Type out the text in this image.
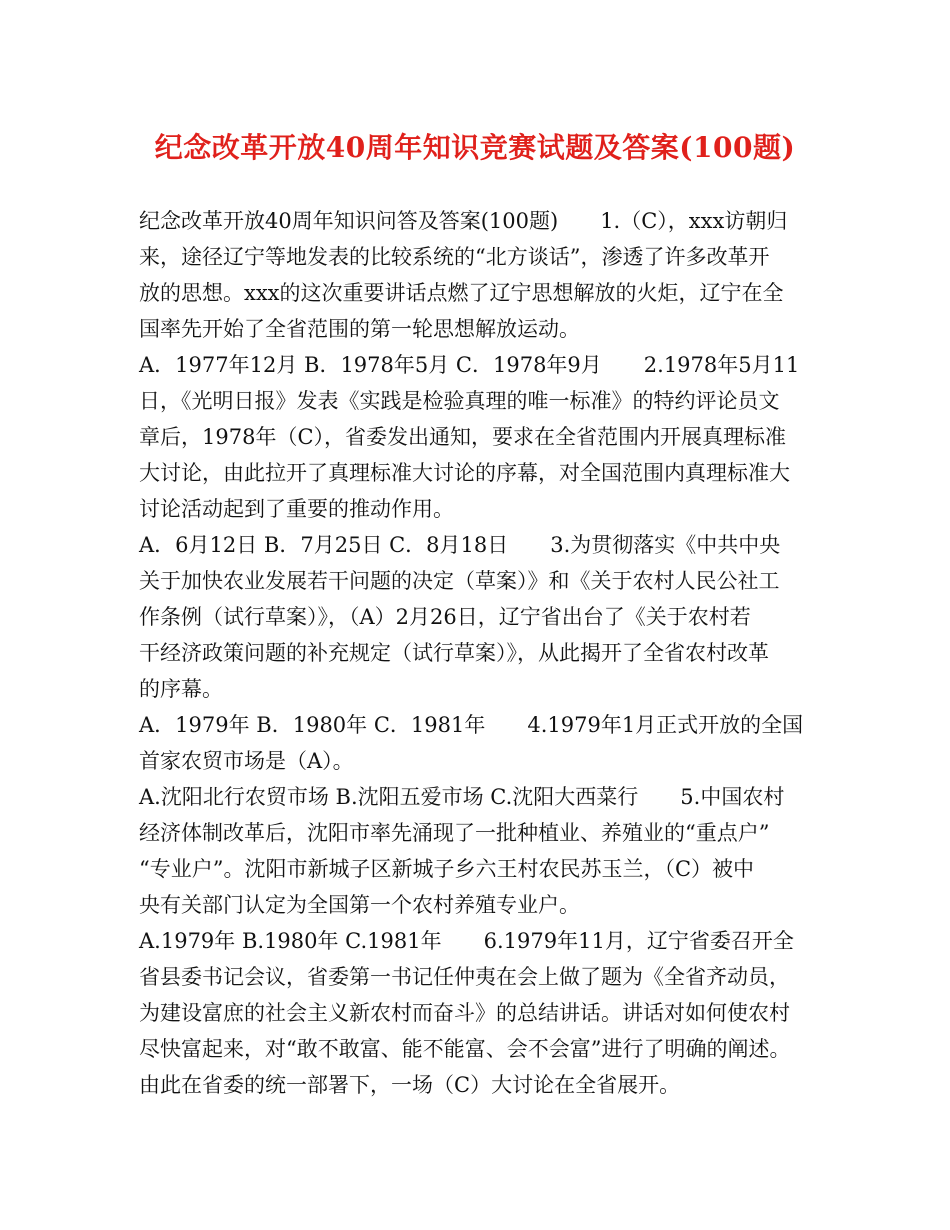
纪念改革开放40周年知识竞赛试题及答案(100题)
纪念改革开放40周年知识问答及答案(100题)　　1.（C），xxx访朝归
来，途径辽宁等地发表的比较系统的“北方谈话”，渗透了许多改革开
放的思想。xxx的这次重要讲话点燃了辽宁思想解放的火炬，辽宁在全
国率先开始了全省范围的第一轮思想解放运动。
A．1977年12月 B．1978年5月 C．1978年9月　　2.1978年5月11
日，《光明日报》发表《实践是检验真理的唯一标准》的特约评论员文
章后，1978年（C），省委发出通知，要求在全省范围内开展真理标准
大讨论，由此拉开了真理标准大讨论的序幕，对全国范围内真理标准大
讨论活动起到了重要的推动作用。
A．6月12日 B．7月25日 C．8月18日　　3.为贯彻落实《中共中央
关于加快农业发展若干问题的决定（草案）》和《关于农村人民公社工
作条例（试行草案）》，（A）2月26日，辽宁省出台了《关于农村若
干经济政策问题的补充规定（试行草案）》，从此揭开了全省农村改革
的序幕。
A．1979年 B．1980年 C．1981年　　4.1979年1月正式开放的全国
首家农贸市场是（A）。
A.沈阳北行农贸市场 B.沈阳五爱市场 C.沈阳大西菜行　　5.中国农村
经济体制改革后，沈阳市率先涌现了一批种植业、养殖业的“重点户”
“专业户”。沈阳市新城子区新城子乡六王村农民苏玉兰，（C）被中
央有关部门认定为全国第一个农村养殖专业户。
A.1979年 B.1980年 C.1981年　　6.1979年11月，辽宁省委召开全
省县委书记会议，省委第一书记任仲夷在会上做了题为《全省齐动员，
为建设富庶的社会主义新农村而奋斗》的总结讲话。讲话对如何使农村
尽快富起来，对“敢不敢富、能不能富、会不会富”进行了明确的阐述。
由此在省委的统一部署下，一场（C）大讨论在全省展开。
